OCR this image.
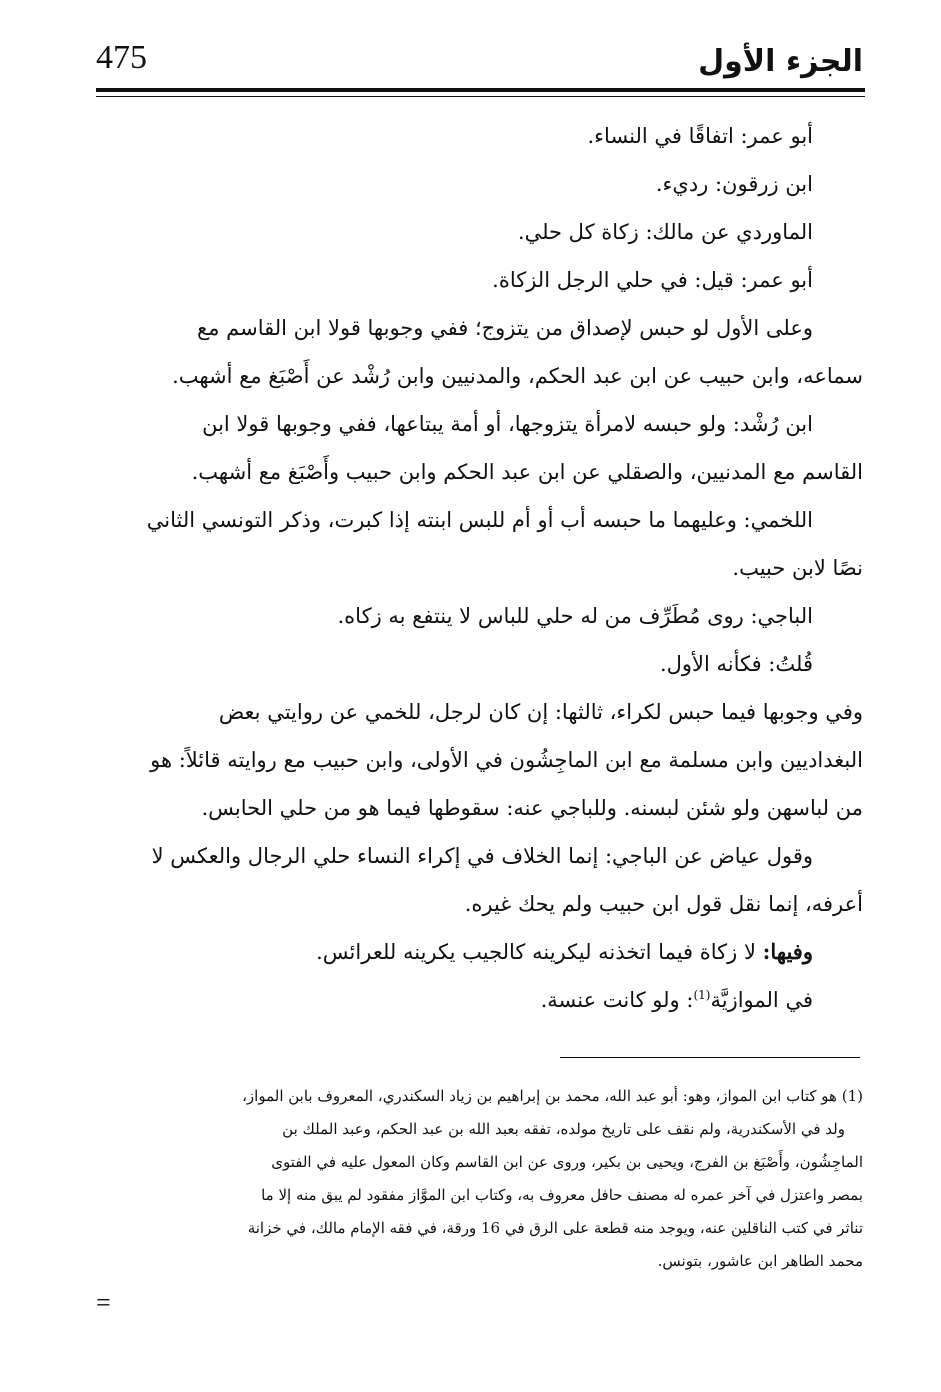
475	الجزء الأول
أبو عمر: اتفاقًا في النساء.
ابن زرقون: رديء.
الماوردي عن مالك: زكاة كل حلي.
أبو عمر: قيل: في حلي الرجل الزكاة.
وعلى الأول لو حبس لإصداق من يتزوج؛ ففي وجوبها قولا ابن القاسم مع
سماعه، وابن حبيب عن ابن عبد الحكم، والمدنيين وابن رُشْد عن أَصْبَغ مع أشهب.
ابن رُشْد: ولو حبسه لامرأة يتزوجها، أو أمة يبتاعها، ففي وجوبها قولا ابن
القاسم مع المدنيين، والصقلي عن ابن عبد الحكم وابن حبيب وأَصْبَغ مع أشهب.
اللخمي: وعليهما ما حبسه أب أو أم للبس ابنته إذا كبرت، وذكر التونسي الثاني
نصًا لابن حبيب.
الباجي: روى مُطَرِّف من له حلي للباس لا ينتفع به زكاه.
قُلتُ: فكأنه الأول.
وفي وجوبها فيما حبس لكراء، ثالثها: إن كان لرجل، للخمي عن روايتي بعض
البغداديين وابن مسلمة مع ابن الماجِشُون في الأولى، وابن حبيب مع روايته قائلاً: هو
من لباسهن ولو شئن لبسنه. وللباجي عنه: سقوطها فيما هو من حلي الحابس.
وقول عياض عن الباجي: إنما الخلاف في إكراء النساء حلي الرجال والعكس لا
أعرفه، إنما نقل قول ابن حبيب ولم يحك غيره.
وفيها: لا زكاة فيما اتخذنه ليكرينه كالجيب يكرينه للعرائس.
في الموازيَّة$^{(1)}$: ولو كانت عنسة.
(1) هو كتاب ابن المواز، وهو: أبو عبد الله، محمد بن إبراهيم بن زياد السكندري، المعروف بابن المواز،
ولد في الأسكندرية، ولم نقف على تاريخ مولده، تفقه بعبد الله بن عبد الحكم، وعبد الملك بن
الماجِشُون، وأَصْبَغ بن الفرج، ويحيى بن بكير، وروى عن ابن القاسم وكان المعول عليه في الفتوى
بمصر واعتزل في آخر عمره له مصنف حافل معروف به، وكتاب ابن الموَّاز مفقود لم يبق منه إلا ما
تناثر في كتب الناقلين عنه، ويوجد منه قطعة على الرق في 16 ورقة، في فقه الإمام مالك، في خزانة
محمد الطاهر ابن عاشور، بتونس.
=
